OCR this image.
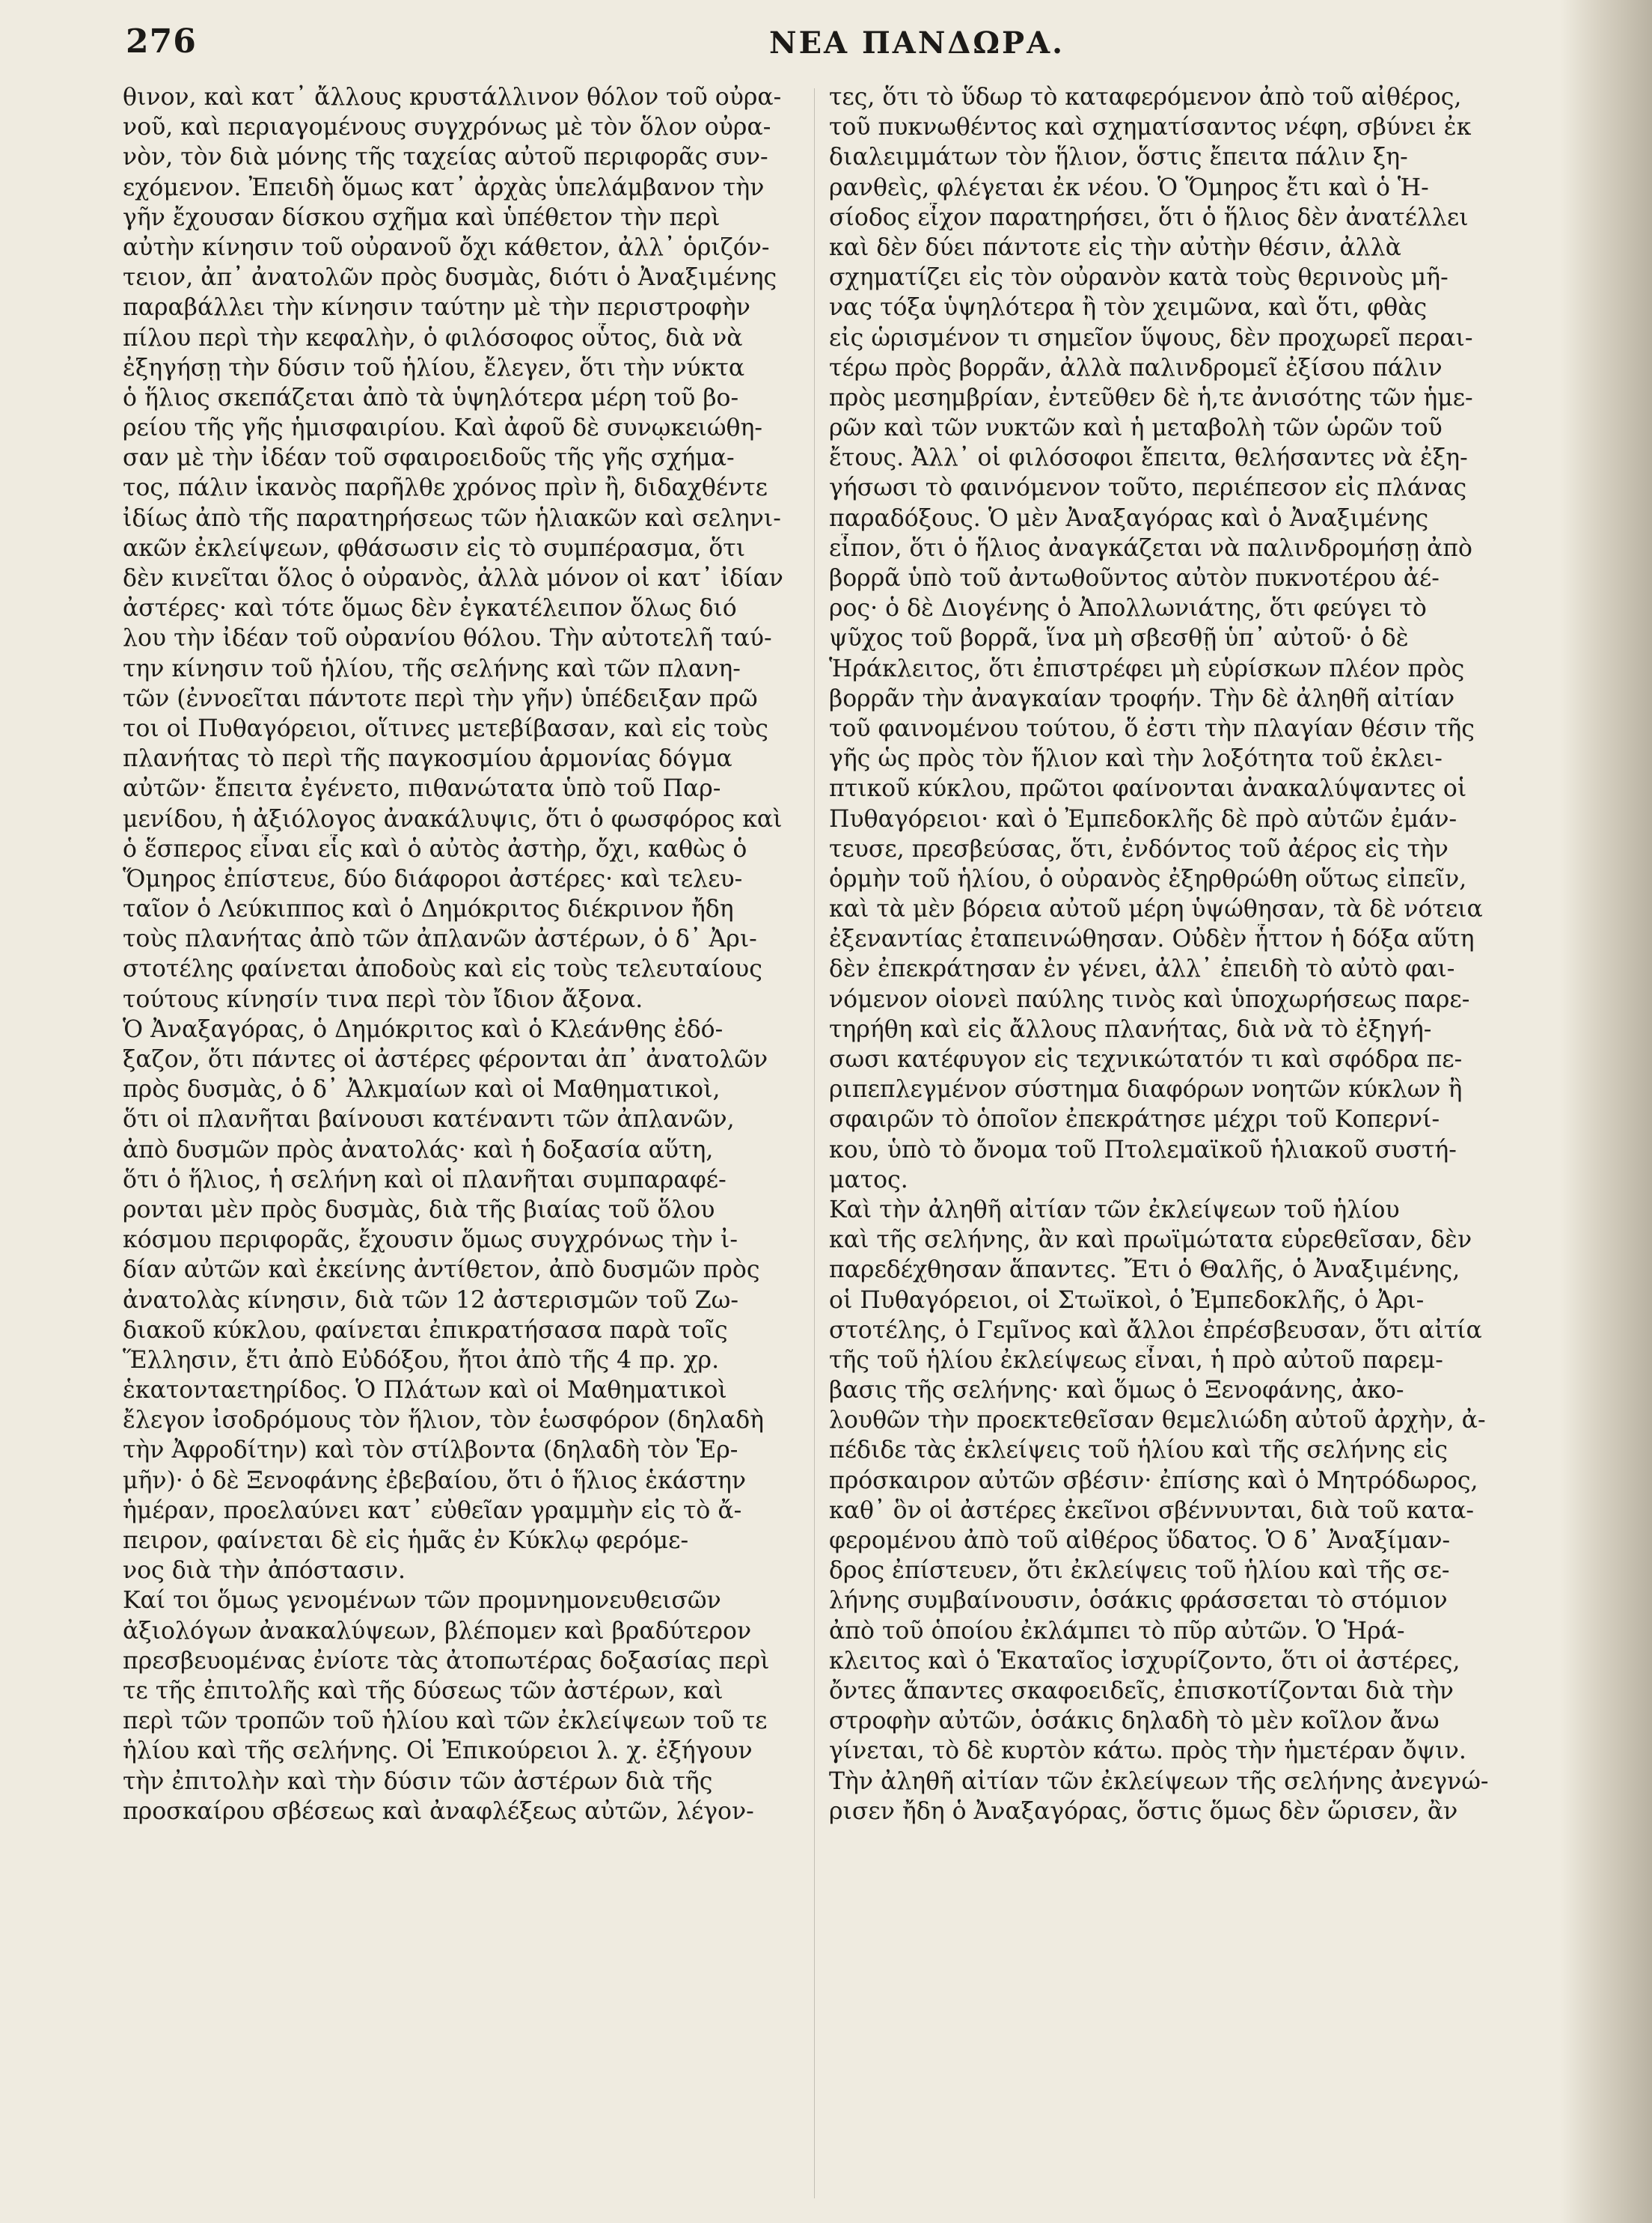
276	ΝΕΑ ΠΑΝΔΩΡΑ.
θινον, καὶ κατ᾽ ἄλλους κρυστάλλινον θόλον τοῦ οὐρα-
νοῦ, καὶ περιαγομένους συγχρόνως μὲ τὸν ὅλον οὐρα-
νὸν, τὸν διὰ μόνης τῆς ταχείας αὐτοῦ περιφορᾶς συν-
εχόμενον. Ἐπειδὴ ὅμως κατ᾽ ἀρχὰς ὑπελάμβανον τὴν
γῆν ἔχουσαν δίσκου σχῆμα καὶ ὑπέθετον τὴν περὶ
αὐτὴν κίνησιν τοῦ οὐρανοῦ ὄχι κάθετον, ἀλλ᾽ ὁριζόν-
τειον, ἀπ᾽ ἀνατολῶν πρὸς δυσμὰς, διότι ὁ Ἀναξιμένης
παραβάλλει τὴν κίνησιν ταύτην μὲ τὴν περιστροφὴν
πίλου περὶ τὴν κεφαλὴν, ὁ φιλόσοφος οὗτος, διὰ νὰ
ἐξηγήσῃ τὴν δύσιν τοῦ ἡλίου, ἔλεγεν, ὅτι τὴν νύκτα
ὁ ἥλιος σκεπάζεται ἀπὸ τὰ ὑψηλότερα μέρη τοῦ βο-
ρείου τῆς γῆς ἡμισφαιρίου. Καὶ ἀφοῦ δὲ συνῳκειώθη-
σαν μὲ τὴν ἰδέαν τοῦ σφαιροειδοῦς τῆς γῆς σχήμα-
τος, πάλιν ἱκανὸς παρῆλθε χρόνος πρὶν ἢ, διδαχθέντε
ἰδίως ἀπὸ τῆς παρατηρήσεως τῶν ἡλιακῶν καὶ σεληνι-
ακῶν ἐκλείψεων, φθάσωσιν εἰς τὸ συμπέρασμα, ὅτι
δὲν κινεῖται ὅλος ὁ οὐρανὸς, ἀλλὰ μόνον οἱ κατ᾽ ἰδίαν
ἀστέρες· καὶ τότε ὅμως δὲν ἐγκατέλειπον ὅλως διό
λου τὴν ἰδέαν τοῦ οὐρανίου θόλου. Τὴν αὐτοτελῆ ταύ-
την κίνησιν τοῦ ἡλίου, τῆς σελήνης καὶ τῶν πλανη-
τῶν (ἐννοεῖται πάντοτε περὶ τὴν γῆν) ὑπέδειξαν πρῶ
τοι οἱ Πυθαγόρειοι, οἵτινες μετεβίβασαν, καὶ εἰς τοὺς
πλανήτας τὸ περὶ τῆς παγκοσμίου ἁρμονίας δόγμα
αὐτῶν· ἔπειτα ἐγένετο, πιθανώτατα ὑπὸ τοῦ Παρ-
μενίδου, ἡ ἀξιόλογος ἀνακάλυψις, ὅτι ὁ φωσφόρος καὶ
ὁ ἕσπερος εἶναι εἷς καὶ ὁ αὐτὸς ἀστὴρ, ὄχι, καθὼς ὁ
Ὅμηρος ἐπίστευε, δύο διάφοροι ἀστέρες· καὶ τελευ-
ταῖον ὁ Λεύκιππος καὶ ὁ Δημόκριτος διέκρινον ἤδη
τοὺς πλανήτας ἀπὸ τῶν ἀπλανῶν ἀστέρων, ὁ δ᾽ Ἀρι-
στοτέλης φαίνεται ἀποδοὺς καὶ εἰς τοὺς τελευταίους
τούτους κίνησίν τινα περὶ τὸν ἴδιον ἄξονα.
Ὁ Ἀναξαγόρας, ὁ Δημόκριτος καὶ ὁ Κλεάνθης ἐδό-
ξαζον, ὅτι πάντες οἱ ἀστέρες φέρονται ἀπ᾽ ἀνατολῶν
πρὸς δυσμὰς, ὁ δ᾽ Ἀλκμαίων καὶ οἱ Μαθηματικοὶ,
ὅτι οἱ πλανῆται βαίνουσι κατέναντι τῶν ἀπλανῶν,
ἀπὸ δυσμῶν πρὸς ἀνατολάς· καὶ ἡ δοξασία αὕτη,
ὅτι ὁ ἥλιος, ἡ σελήνη καὶ οἱ πλανῆται συμπαραφέ-
ρονται μὲν πρὸς δυσμὰς, διὰ τῆς βιαίας τοῦ ὅλου
κόσμου περιφορᾶς, ἔχουσιν ὅμως συγχρόνως τὴν ἰ-
δίαν αὐτῶν καὶ ἐκείνης ἀντίθετον, ἀπὸ δυσμῶν πρὸς
ἀνατολὰς κίνησιν, διὰ τῶν 12 ἀστερισμῶν τοῦ Ζω-
διακοῦ κύκλου, φαίνεται ἐπικρατήσασα παρὰ τοῖς
Ἕλλησιν, ἔτι ἀπὸ Εὐδόξου, ἤτοι ἀπὸ τῆς 4 πρ. χρ.
ἑκατονταετηρίδος. Ὁ Πλάτων καὶ οἱ Μαθηματικοὶ
ἔλεγον ἰσοδρόμους τὸν ἥλιον, τὸν ἑωσφόρον (δηλαδὴ
τὴν Ἀφροδίτην) καὶ τὸν στίλβοντα (δηλαδὴ τὸν Ἑρ-
μῆν)· ὁ δὲ Ξενοφάνης ἐβεβαίου, ὅτι ὁ ἥλιος ἑκάστην
ἡμέραν, προελαύνει κατ᾽ εὐθεῖαν γραμμὴν εἰς τὸ ἄ-
πειρον, φαίνεται δὲ εἰς ἡμᾶς ἐν Κύκλῳ φερόμε-
νος διὰ τὴν ἀπόστασιν.
Καί τοι ὅμως γενομένων τῶν προμνημονευθεισῶν
ἀξιολόγων ἀνακαλύψεων, βλέπομεν καὶ βραδύτερον
πρεσβευομένας ἐνίοτε τὰς ἀτοπωτέρας δοξασίας περὶ
τε τῆς ἐπιτολῆς καὶ τῆς δύσεως τῶν ἀστέρων, καὶ
περὶ τῶν τροπῶν τοῦ ἡλίου καὶ τῶν ἐκλείψεων τοῦ τε
ἡλίου καὶ τῆς σελήνης. Οἱ Ἐπικούρειοι λ. χ. ἐξήγουν
τὴν ἐπιτολὴν καὶ τὴν δύσιν τῶν ἀστέρων διὰ τῆς
προσκαίρου σβέσεως καὶ ἀναφλέξεως αὐτῶν, λέγον-
τες, ὅτι τὸ ὕδωρ τὸ καταφερόμενον ἀπὸ τοῦ αἰθέρος,
τοῦ πυκνωθέντος καὶ σχηματίσαντος νέφη, σβύνει ἐκ
διαλειμμάτων τὸν ἥλιον, ὅστις ἔπειτα πάλιν ξη-
ρανθεὶς, φλέγεται ἐκ νέου. Ὁ Ὅμηρος ἔτι καὶ ὁ Ἡ-
σίοδος εἶχον παρατηρήσει, ὅτι ὁ ἥλιος δὲν ἀνατέλλει
καὶ δὲν δύει πάντοτε εἰς τὴν αὐτὴν θέσιν, ἀλλὰ
σχηματίζει εἰς τὸν οὐρανὸν κατὰ τοὺς θερινοὺς μῆ-
νας τόξα ὑψηλότερα ἢ τὸν χειμῶνα, καὶ ὅτι, φθὰς
εἰς ὡρισμένον τι σημεῖον ὕψους, δὲν προχωρεῖ περαι-
τέρω πρὸς βορρᾶν, ἀλλὰ παλινδρομεῖ ἐξίσου πάλιν
πρὸς μεσημβρίαν, ἐντεῦθεν δὲ ἡ,τε ἀνισότης τῶν ἡμε-
ρῶν καὶ τῶν νυκτῶν καὶ ἡ μεταβολὴ τῶν ὡρῶν τοῦ
ἔτους. Ἀλλ᾽ οἱ φιλόσοφοι ἔπειτα, θελήσαντες νὰ ἐξη-
γήσωσι τὸ φαινόμενον τοῦτο, περιέπεσον εἰς πλάνας
παραδόξους. Ὁ μὲν Ἀναξαγόρας καὶ ὁ Ἀναξιμένης
εἶπον, ὅτι ὁ ἥλιος ἀναγκάζεται νὰ παλινδρομήσῃ ἀπὸ
βορρᾶ ὑπὸ τοῦ ἀντωθοῦντος αὐτὸν πυκνοτέρου ἀέ-
ρος· ὁ δὲ Διογένης ὁ Ἀπολλωνιάτης, ὅτι φεύγει τὸ
ψῦχος τοῦ βορρᾶ, ἵνα μὴ σβεσθῇ ὑπ᾽ αὐτοῦ· ὁ δὲ
Ἡράκλειτος, ὅτι ἐπιστρέφει μὴ εὑρίσκων πλέον πρὸς
βορρᾶν τὴν ἀναγκαίαν τροφήν. Τὴν δὲ ἀληθῆ αἰτίαν
τοῦ φαινομένου τούτου, ὅ ἐστι τὴν πλαγίαν θέσιν τῆς
γῆς ὡς πρὸς τὸν ἥλιον καὶ τὴν λοξότητα τοῦ ἐκλει-
πτικοῦ κύκλου, πρῶτοι φαίνονται ἀνακαλύψαντες οἱ
Πυθαγόρειοι· καὶ ὁ Ἐμπεδοκλῆς δὲ πρὸ αὐτῶν ἐμάν-
τευσε, πρεσβεύσας, ὅτι, ἐνδόντος τοῦ ἀέρος εἰς τὴν
ὁρμὴν τοῦ ἡλίου, ὁ οὐρανὸς ἐξηρθρώθη οὕτως εἰπεῖν,
καὶ τὰ μὲν βόρεια αὐτοῦ μέρη ὑψώθησαν, τὰ δὲ νότεια
ἐξεναντίας ἐταπεινώθησαν. Οὐδὲν ἧττον ἡ δόξα αὕτη
δὲν ἐπεκράτησαν ἐν γένει, ἀλλ᾽ ἐπειδὴ τὸ αὐτὸ φαι-
νόμενον οἱονεὶ παύλης τινὸς καὶ ὑποχωρήσεως παρε-
τηρήθη καὶ εἰς ἄλλους πλανήτας, διὰ νὰ τὸ ἐξηγή-
σωσι κατέφυγον εἰς τεχνικώτατόν τι καὶ σφόδρα πε-
ριπεπλεγμένον σύστημα διαφόρων νοητῶν κύκλων ἢ
σφαιρῶν τὸ ὁποῖον ἐπεκράτησε μέχρι τοῦ Κοπερνί-
κου, ὑπὸ τὸ ὄνομα τοῦ Πτολεμαϊκοῦ ἡλιακοῦ συστή-
ματος.
Καὶ τὴν ἀληθῆ αἰτίαν τῶν ἐκλείψεων τοῦ ἡλίου
καὶ τῆς σελήνης, ἂν καὶ πρωϊμώτατα εὑρεθεῖσαν, δὲν
παρεδέχθησαν ἅπαντες. Ἔτι ὁ Θαλῆς, ὁ Ἀναξιμένης,
οἱ Πυθαγόρειοι, οἱ Στωϊκοὶ, ὁ Ἐμπεδοκλῆς, ὁ Ἀρι-
στοτέλης, ὁ Γεμῖνος καὶ ἄλλοι ἐπρέσβευσαν, ὅτι αἰτία
τῆς τοῦ ἡλίου ἐκλείψεως εἶναι, ἡ πρὸ αὐτοῦ παρεμ-
βασις τῆς σελήνης· καὶ ὅμως ὁ Ξενοφάνης, ἀκο-
λουθῶν τὴν προεκτεθεῖσαν θεμελιώδη αὐτοῦ ἀρχὴν, ἀ-
πέδιδε τὰς ἐκλείψεις τοῦ ἡλίου καὶ τῆς σελήνης εἰς
πρόσκαιρον αὐτῶν σβέσιν· ἐπίσης καὶ ὁ Μητρόδωρος,
καθ᾽ ὃν οἱ ἀστέρες ἐκεῖνοι σβέννυνται, διὰ τοῦ κατα-
φερομένου ἀπὸ τοῦ αἰθέρος ὕδατος. Ὁ δ᾽ Ἀναξίμαν-
δρος ἐπίστευεν, ὅτι ἐκλείψεις τοῦ ἡλίου καὶ τῆς σε-
λήνης συμβαίνουσιν, ὁσάκις φράσσεται τὸ στόμιον
ἀπὸ τοῦ ὁποίου ἐκλάμπει τὸ πῦρ αὐτῶν. Ὁ Ἡρά-
κλειτος καὶ ὁ Ἑκαταῖος ἰσχυρίζοντο, ὅτι οἱ ἀστέρες,
ὄντες ἅπαντες σκαφοειδεῖς, ἐπισκοτίζονται διὰ τὴν
στροφὴν αὐτῶν, ὁσάκις δηλαδὴ τὸ μὲν κοῖλον ἄνω
γίνεται, τὸ δὲ κυρτὸν κάτω. πρὸς τὴν ἡμετέραν ὄψιν.
Τὴν ἀληθῆ αἰτίαν τῶν ἐκλείψεων τῆς σελήνης ἀνεγνώ-
ρισεν ἤδη ὁ Ἀναξαγόρας, ὅστις ὅμως δὲν ὥρισεν, ἂν
